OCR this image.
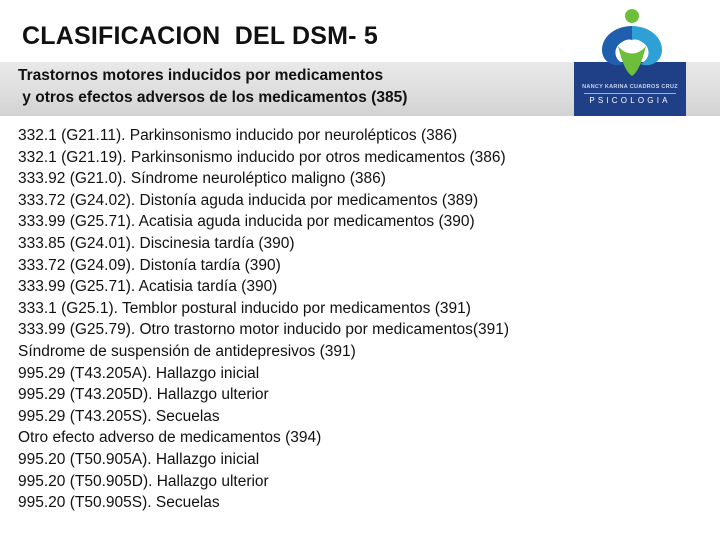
CLASIFICACION  DEL DSM- 5
Trastornos motores inducidos por medicamentos
y otros efectos adversos de los medicamentos (385)
NANCY KARINA CUADROS CRUZ
PSICOLOGIA
332.1 (G21.11). Parkinsonismo inducido por neurolépticos (386)
332.1 (G21.19). Parkinsonismo inducido por otros medicamentos (386)
333.92 (G21.0). Síndrome neuroléptico maligno (386)
333.72 (G24.02). Distonía aguda inducida por medicamentos (389)
333.99 (G25.71). Acatisia aguda inducida por medicamentos (390)
333.85 (G24.01). Discinesia tardía (390)
333.72 (G24.09). Distonía tardía (390)
333.99 (G25.71). Acatisia tardía (390)
333.1 (G25.1). Temblor postural inducido por medicamentos (391)
333.99 (G25.79). Otro trastorno motor inducido por medicamentos(391)
Síndrome de suspensión de antidepresivos (391)
995.29 (T43.205A). Hallazgo inicial
995.29 (T43.205D). Hallazgo ulterior
995.29 (T43.205S). Secuelas
Otro efecto adverso de medicamentos (394)
995.20 (T50.905A). Hallazgo inicial
995.20 (T50.905D). Hallazgo ulterior
995.20 (T50.905S). Secuelas
